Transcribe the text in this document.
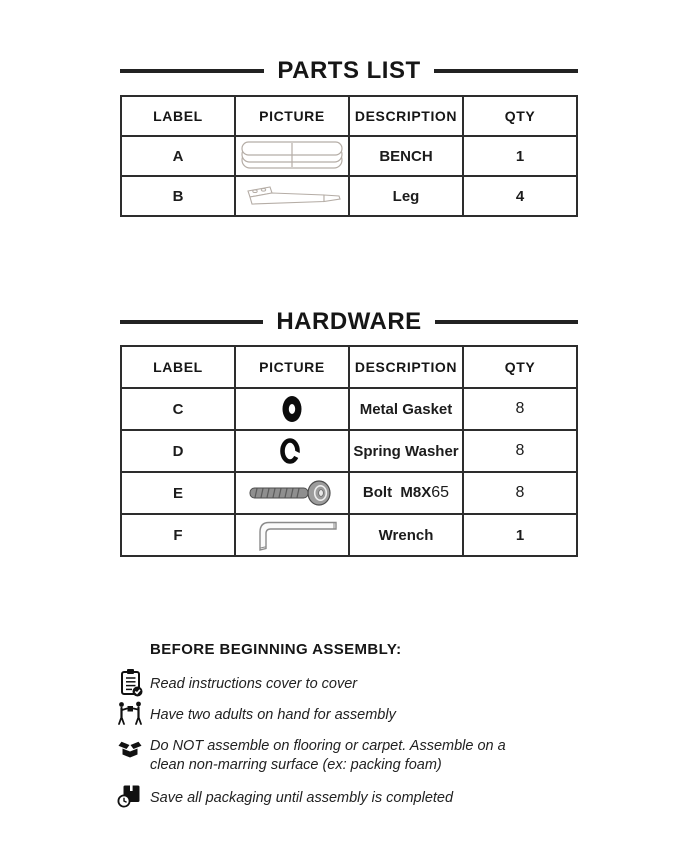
PARTS LIST
LABEL	PICTURE	DESCRIPTION	QTY
A		BENCH	1
B		Leg	4
HARDWARE
LABEL	PICTURE	DESCRIPTION	QTY
C		Metal Gasket	8
D		Spring Washer	8
E		Bolt  M8X65	8
F		Wrench	1
BEFORE BEGINNING ASSEMBLY:
Read instructions cover to cover
Have two adults on hand for assembly
Do NOT assemble on flooring or carpet. Assemble on a clean non-marring surface (ex: packing foam)
Save all packaging until assembly is completed
